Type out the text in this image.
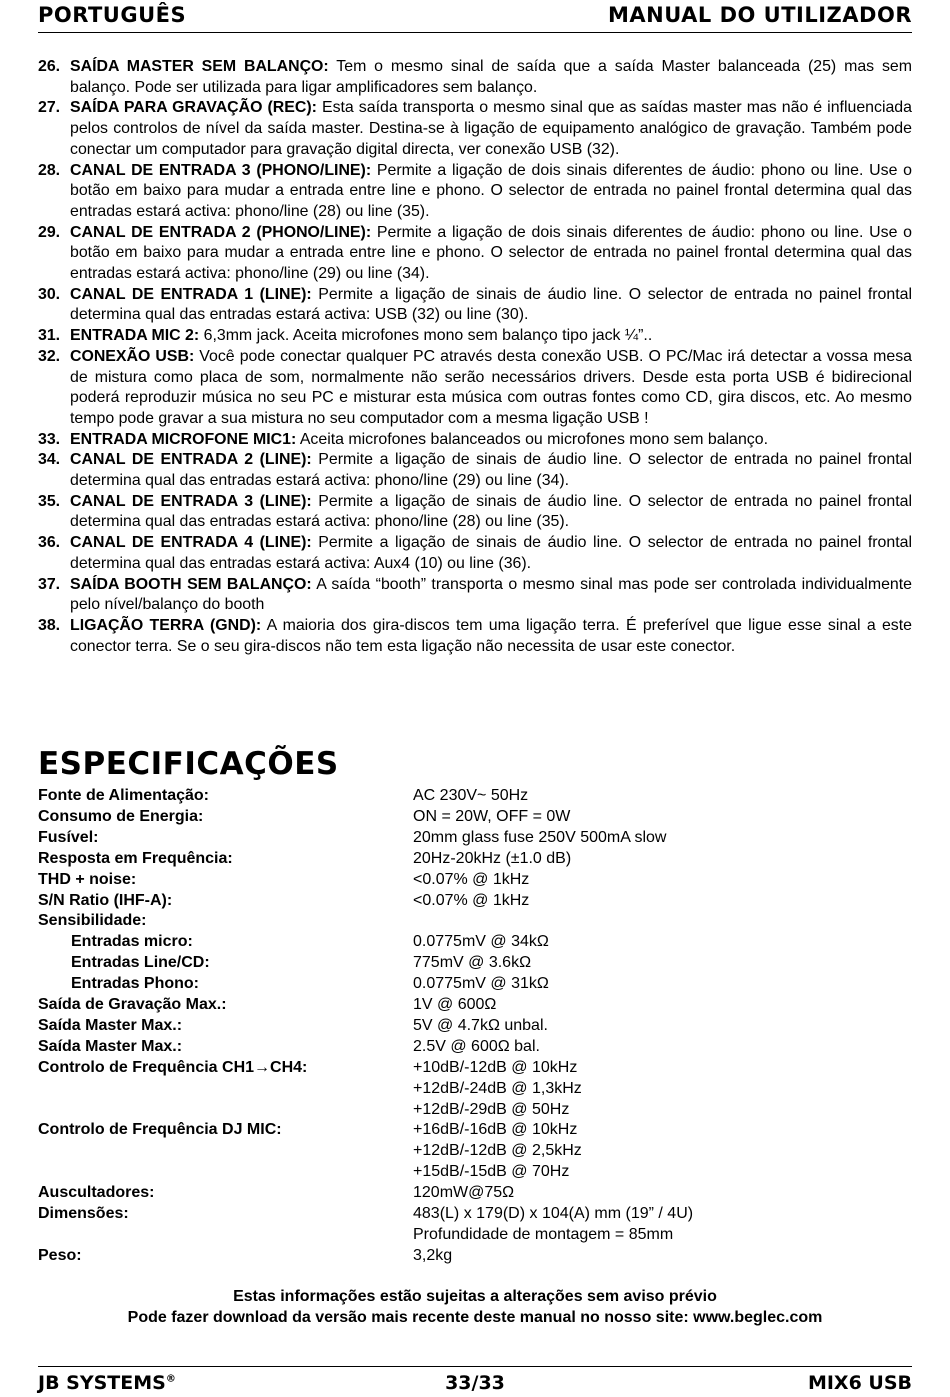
PORTUGUÊS	MANUAL DO UTILIZADOR
26. SAÍDA MASTER SEM BALANÇO: Tem o mesmo sinal de saída que a saída Master balanceada (25) mas sem balanço. Pode ser utilizada para ligar amplificadores sem balanço.
27. SAÍDA PARA GRAVAÇÃO (REC): Esta saída transporta o mesmo sinal que as saídas master mas não é influenciada pelos controlos de nível da saída master. Destina-se à ligação de equipamento analógico de gravação. Também pode conectar um computador para gravação digital directa, ver conexão USB (32).
28. CANAL DE ENTRADA 3 (PHONO/LINE): Permite a ligação de dois sinais diferentes de áudio: phono ou line. Use o botão em baixo para mudar a entrada entre line e phono. O selector de entrada no painel frontal determina qual das entradas estará activa: phono/line (28) ou line (35).
29. CANAL DE ENTRADA 2 (PHONO/LINE): Permite a ligação de dois sinais diferentes de áudio: phono ou line. Use o botão em baixo para mudar a entrada entre line e phono. O selector de entrada no painel frontal determina qual das entradas estará activa: phono/line (29) ou line (34).
30. CANAL DE ENTRADA 1 (LINE): Permite a ligação de sinais de áudio line. O selector de entrada no painel frontal determina qual das entradas estará activa: USB (32) ou line (30).
31. ENTRADA MIC 2: 6,3mm jack. Aceita microfones mono sem balanço tipo jack ¼”..
32. CONEXÃO USB: Você pode conectar qualquer PC através desta conexão USB. O PC/Mac irá detectar a vossa mesa de mistura como placa de som, normalmente não serão necessários drivers. Desde esta porta USB é bidirecional poderá reproduzir música no seu PC e misturar esta música com outras fontes como CD, gira discos, etc. Ao mesmo tempo pode gravar a sua mistura no seu computador com a mesma ligação USB !
33. ENTRADA MICROFONE MIC1: Aceita microfones balanceados ou microfones mono sem balanço.
34. CANAL DE ENTRADA 2 (LINE): Permite a ligação de sinais de áudio line. O selector de entrada no painel frontal determina qual das entradas estará activa: phono/line (29) ou line (34).
35. CANAL DE ENTRADA 3 (LINE): Permite a ligação de sinais de áudio line. O selector de entrada no painel frontal determina qual das entradas estará activa: phono/line (28) ou line (35).
36. CANAL DE ENTRADA 4 (LINE): Permite a ligação de sinais de áudio line. O selector de entrada no painel frontal determina qual das entradas estará activa: Aux4 (10) ou line (36).
37. SAÍDA BOOTH SEM BALANÇO: A saída “booth” transporta o mesmo sinal mas pode ser controlada individualmente pelo nível/balanço do booth
38. LIGAÇÃO TERRA (GND): A maioria dos gira-discos tem uma ligação terra. É preferível que ligue esse sinal a este conector terra. Se o seu gira-discos não tem esta ligação não necessita de usar este conector.
ESPECIFICAÇÕES
Fonte de Alimentação:	AC 230V~ 50Hz
Consumo de Energia:	ON = 20W, OFF = 0W
Fusível:	20mm glass fuse 250V 500mA slow
Resposta em Frequência:	20Hz-20kHz (±1.0 dB)
THD + noise:	<0.07% @ 1kHz
S/N Ratio (IHF-A):	<0.07% @ 1kHz
Sensibilidade:
Entradas micro:	0.0775mV @ 34kΩ
Entradas Line/CD:	775mV @ 3.6kΩ
Entradas Phono:	0.0775mV @ 31kΩ
Saída de Gravação Max.:	1V @ 600Ω
Saída Master Max.:	5V @ 4.7kΩ unbal.
Saída Master Max.:	2.5V @ 600Ω bal.
Controlo de Frequência CH1→CH4:	+10dB/-12dB @ 10kHz
+12dB/-24dB @ 1,3kHz
+12dB/-29dB @ 50Hz
Controlo de Frequência DJ MIC:	+16dB/-16dB @ 10kHz
+12dB/-12dB @ 2,5kHz
+15dB/-15dB @ 70Hz
Auscultadores:	120mW@75Ω
Dimensões:	483(L) x 179(D) x 104(A) mm (19” / 4U)
Profundidade de montagem = 85mm
Peso:	3,2kg
Estas informações estão sujeitas a alterações sem aviso prévio
Pode fazer download da versão mais recente deste manual no nosso site: www.beglec.com
JB SYSTEMS®	33/33	MIX6 USB
